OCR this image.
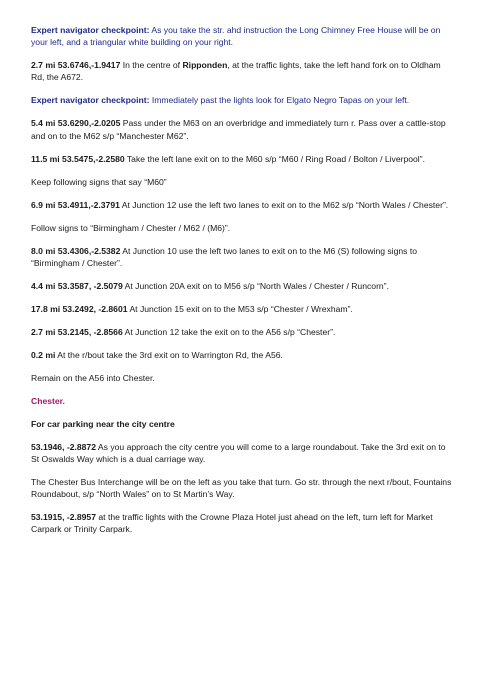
Expert navigator checkpoint: As you take the str. ahd instruction the Long Chimney Free House will be on your left, and a triangular white building on your right.

2.7 mi 53.6746,-1.9417 In the centre of Ripponden, at the traffic lights, take the left hand fork on to Oldham Rd, the A672.

Expert navigator checkpoint: Immediately past the lights look for Elgato Negro Tapas on your left.

5.4 mi 53.6290,-2.0205 Pass under the M63 on an overbridge and immediately turn r. Pass over a cattle-stop and on to the M62 s/p “Manchester M62”.

11.5 mi 53.5475,-2.2580 Take the left lane exit on to the M60 s/p “M60 / Ring Road / Bolton / Liverpool”.

Keep following signs that say “M60”

6.9 mi 53.4911,-2.3791 At Junction 12 use the left two lanes to exit on to the M62 s/p “North Wales / Chester”.

Follow signs to “Birmingham / Chester / M62 / (M6)”.

8.0 mi 53.4306,-2.5382 At Junction 10 use the left two lanes to exit on to the M6 (S) following signs to “Birmingham / Chester”.

4.4 mi 53.3587, -2.5079 At Junction 20A exit on to M56 s/p “North Wales / Chester / Runcorn”.

17.8 mi 53.2492, -2.8601 At Junction 15 exit on to the M53 s/p “Chester / Wrexham”.

2.7 mi 53.2145, -2.8566 At Junction 12 take the exit on to the A56 s/p “Chester”.

0.2 mi At the r/bout take the 3rd exit on to Warrington Rd, the A56.

Remain on the A56 into Chester.

Chester.

For car parking near the city centre

53.1946, -2.8872 As you approach the city centre you will come to a large roundabout. Take the 3rd exit on to St Oswalds Way which is a dual carriage way.

The Chester Bus Interchange will be on the left as you take that turn. Go str. through the next r/bout, Fountains Roundabout, s/p “North Wales” on to St Martin’s Way.

53.1915, -2.8957 at the traffic lights with the Crowne Plaza Hotel just ahead on the left, turn left for Market Carpark or Trinity Carpark.
